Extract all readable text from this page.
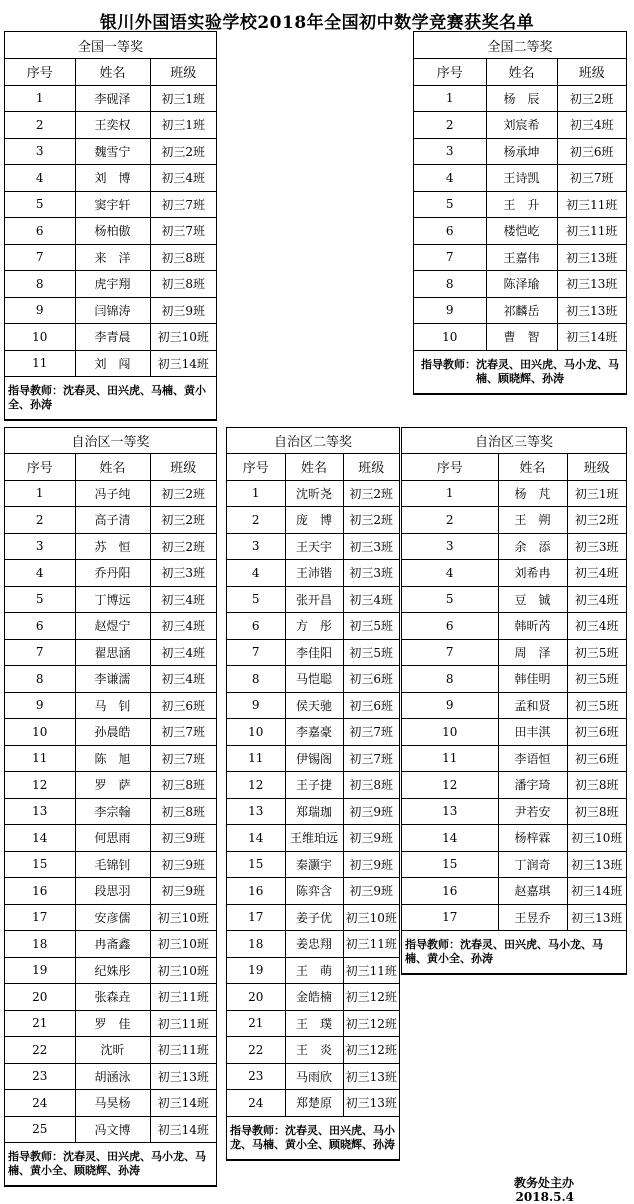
银川外国语实验学校2018年全国初中数学竞赛获奖名单
全国一等奖		
序号	姓名	班级
1	李砚泽	初三1班
2	王奕权	初三1班
3	魏雪宁	初三2班
4	刘　博	初三4班
5	窦宇轩	初三7班
6	杨柏傲	初三7班
7	来　洋	初三8班
8	虎宇翔	初三8班
9	闫锦涛	初三9班
10	李青晨	初三10班
11	刘　闯	初三14班
指导教师：沈春灵、田兴虎、马楠、黄小全、孙涛		
全国二等奖		
序号	姓名	班级
1	杨　辰	初三2班
2	刘宸希	初三4班
3	杨承坤	初三6班
4	王诗凯	初三7班
5	王　升	初三11班
6	楼恺屹	初三11班
7	王嘉伟	初三13班
8	陈泽瑜	初三13班
9	祁麟岳	初三13班
10	曹　智	初三14班
指导教师：沈春灵、田兴虎、马小龙、马楠、顾晓辉、孙涛		
自治区一等奖		
序号	姓名	班级
1	冯子纯	初三2班
2	高子清	初三2班
3	苏　恒	初三2班
4	乔丹阳	初三3班
5	丁博远	初三4班
6	赵煜宁	初三4班
7	翟思涵	初三4班
8	李谦濡	初三4班
9	马　钊	初三6班
10	孙晨皓	初三7班
11	陈　旭	初三7班
12	罗　萨	初三8班
13	李宗翰	初三8班
14	何思雨	初三9班
15	毛锦钊	初三9班
16	段思羽	初三9班
17	安彦儒	初三10班
18	冉斋鑫	初三10班
19	纪姝彤	初三10班
20	张森垚	初三11班
21	罗　佳	初三11班
22	沈昕	初三11班
23	胡涵泳	初三13班
24	马昊杨	初三14班
25	冯文博	初三14班
指导教师：沈春灵、田兴虎、马小龙、马楠、黄小全、顾晓辉、孙涛		
自治区二等奖		
序号	姓名	班级
1	沈昕尧	初三2班
2	庞　博	初三2班
3	王天宇	初三3班
4	王沛锴	初三3班
5	张开昌	初三4班
6	方　彤	初三5班
7	李佳阳	初三5班
8	马恺聪	初三6班
9	侯天驰	初三6班
10	李嘉豪	初三7班
11	伊锡阁	初三7班
12	王子捷	初三8班
13	郑瑞珈	初三9班
14	王维珀远	初三9班
15	秦灏宇	初三9班
16	陈弈含	初三9班
17	姜子优	初三10班
18	姜忠翔	初三11班
19	王　萌	初三11班
20	金皓楠	初三12班
21	王　璞	初三12班
22	王　炎	初三12班
23	马雨欣	初三13班
24	郑楚原	初三13班
指导教师：沈春灵、田兴虎、马小龙、马楠、黄小全、顾晓辉、孙涛		
自治区三等奖		
序号	姓名	班级
1	杨　芃	初三1班
2	王　朔	初三2班
3	余　添	初三3班
4	刘希冉	初三4班
5	豆　铖	初三4班
6	韩昕芮	初三4班
7	周　泽	初三5班
8	韩佳明	初三5班
9	孟和贤	初三5班
10	田丰淇	初三6班
11	李语恒	初三6班
12	潘宇琦	初三8班
13	尹若安	初三8班
14	杨梓霖	初三10班
15	丁润奇	初三13班
16	赵嘉琪	初三14班
17	王昱乔	初三13班
指导教师：沈春灵、田兴虎、马小龙、马楠、黄小全、孙涛		
教务处主办
2018.5.4
